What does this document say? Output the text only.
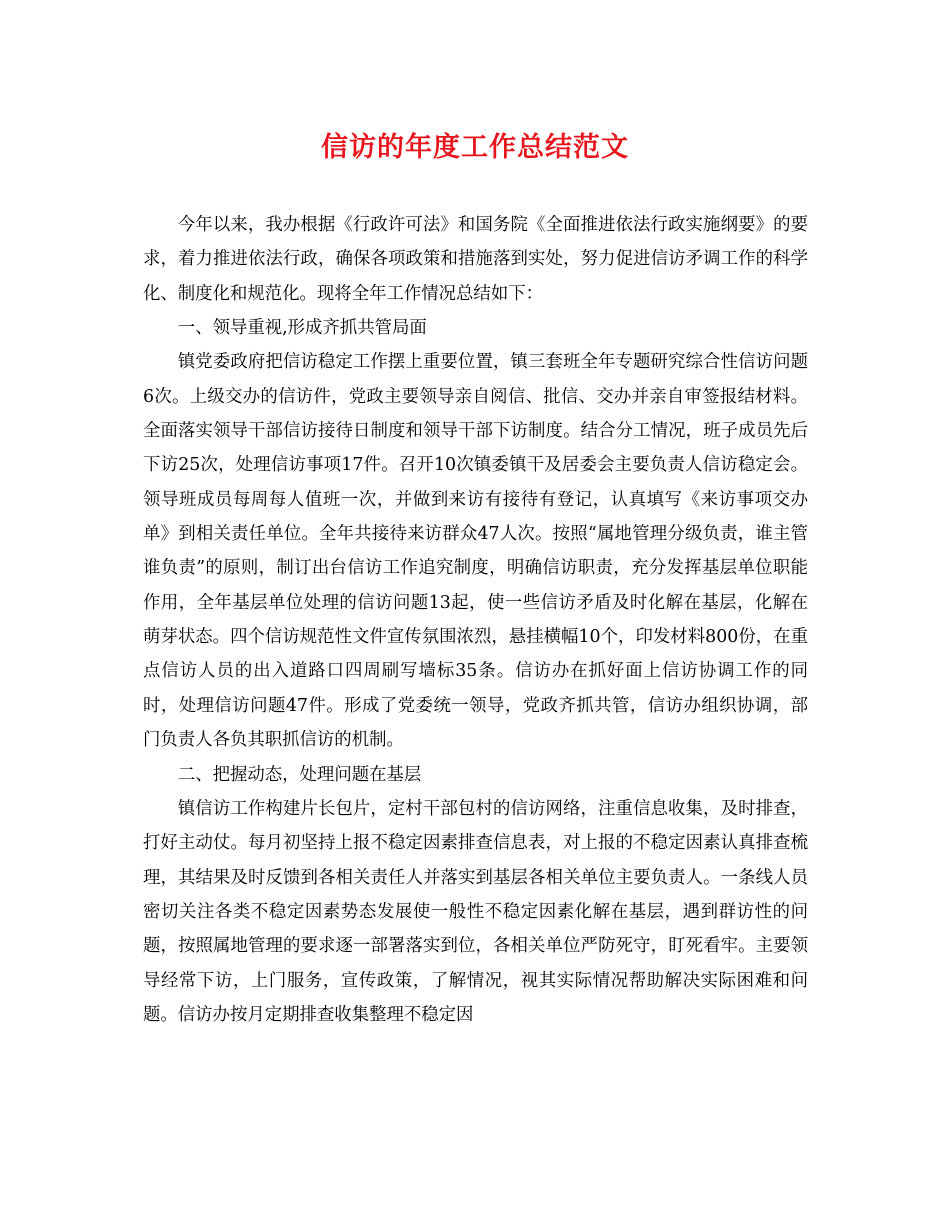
信访的年度工作总结范文

今年以来，我办根据《行政许可法》和国务院《全面推进依法行政实施纲要》的要求，着力推进依法行政，确保各项政策和措施落到实处，努力促进信访矛调工作的科学化、制度化和规范化。现将全年工作情况总结如下：

一、领导重视,形成齐抓共管局面

镇党委政府把信访稳定工作摆上重要位置，镇三套班全年专题研究综合性信访问题6次。上级交办的信访件，党政主要领导亲自阅信、批信、交办并亲自审签报结材料。全面落实领导干部信访接待日制度和领导干部下访制度。结合分工情况，班子成员先后下访25次，处理信访事项17件。召开10次镇委镇干及居委会主要负责人信访稳定会。领导班成员每周每人值班一次，并做到来访有接待有登记，认真填写《来访事项交办单》到相关责任单位。全年共接待来访群众47人次。按照“属地管理分级负责，谁主管谁负责”的原则，制订出台信访工作追究制度，明确信访职责，充分发挥基层单位职能作用，全年基层单位处理的信访问题13起，使一些信访矛盾及时化解在基层，化解在萌芽状态。四个信访规范性文件宣传氛围浓烈，悬挂横幅10个，印发材料800份，在重点信访人员的出入道路口四周刷写墙标35条。信访办在抓好面上信访协调工作的同时，处理信访问题47件。形成了党委统一领导，党政齐抓共管，信访办组织协调，部门负责人各负其职抓信访的机制。

二、把握动态，处理问题在基层

镇信访工作构建片长包片，定村干部包村的信访网络，注重信息收集，及时排查，打好主动仗。每月初坚持上报不稳定因素排查信息表，对上报的不稳定因素认真排查梳理，其结果及时反馈到各相关责任人并落实到基层各相关单位主要负责人。一条线人员密切关注各类不稳定因素势态发展使一般性不稳定因素化解在基层，遇到群访性的问题，按照属地管理的要求逐一部署落实到位，各相关单位严防死守，盯死看牢。主要领导经常下访，上门服务，宣传政策，了解情况，视其实际情况帮助解决实际困难和问题。信访办按月定期排查收集整理不稳定因
